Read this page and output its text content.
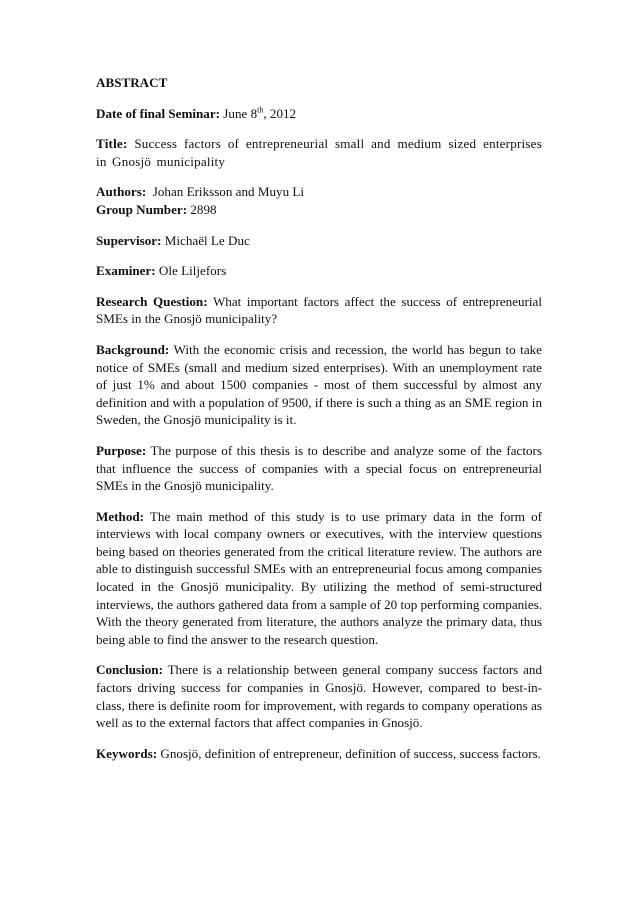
ABSTRACT

Date of final Seminar: June 8th, 2012

Title: Success factors of entrepreneurial small and medium sized enterprises in Gnosjö municipality

Authors: Johan Eriksson and Muyu Li

Group Number: 2898

Supervisor: Michaël Le Duc

Examiner: Ole Liljefors

Research Question: What important factors affect the success of entrepreneurial SMEs in the Gnosjö municipality?

Background: With the economic crisis and recession, the world has begun to take notice of SMEs (small and medium sized enterprises). With an unemployment rate of just 1% and about 1500 companies - most of them successful by almost any definition and with a population of 9500, if there is such a thing as an SME region in Sweden, the Gnosjö municipality is it.

Purpose: The purpose of this thesis is to describe and analyze some of the factors that influence the success of companies with a special focus on entrepreneurial SMEs in the Gnosjö municipality.

Method: The main method of this study is to use primary data in the form of interviews with local company owners or executives, with the interview questions being based on theories generated from the critical literature review. The authors are able to distinguish successful SMEs with an entrepreneurial focus among companies located in the Gnosjö municipality. By utilizing the method of semi-structured interviews, the authors gathered data from a sample of 20 top performing companies. With the theory generated from literature, the authors analyze the primary data, thus being able to find the answer to the research question.

Conclusion: There is a relationship between general company success factors and factors driving success for companies in Gnosjö. However, compared to best-in-class, there is definite room for improvement, with regards to company operations as well as to the external factors that affect companies in Gnosjö.

Keywords: Gnosjö, definition of entrepreneur, definition of success, success factors.
